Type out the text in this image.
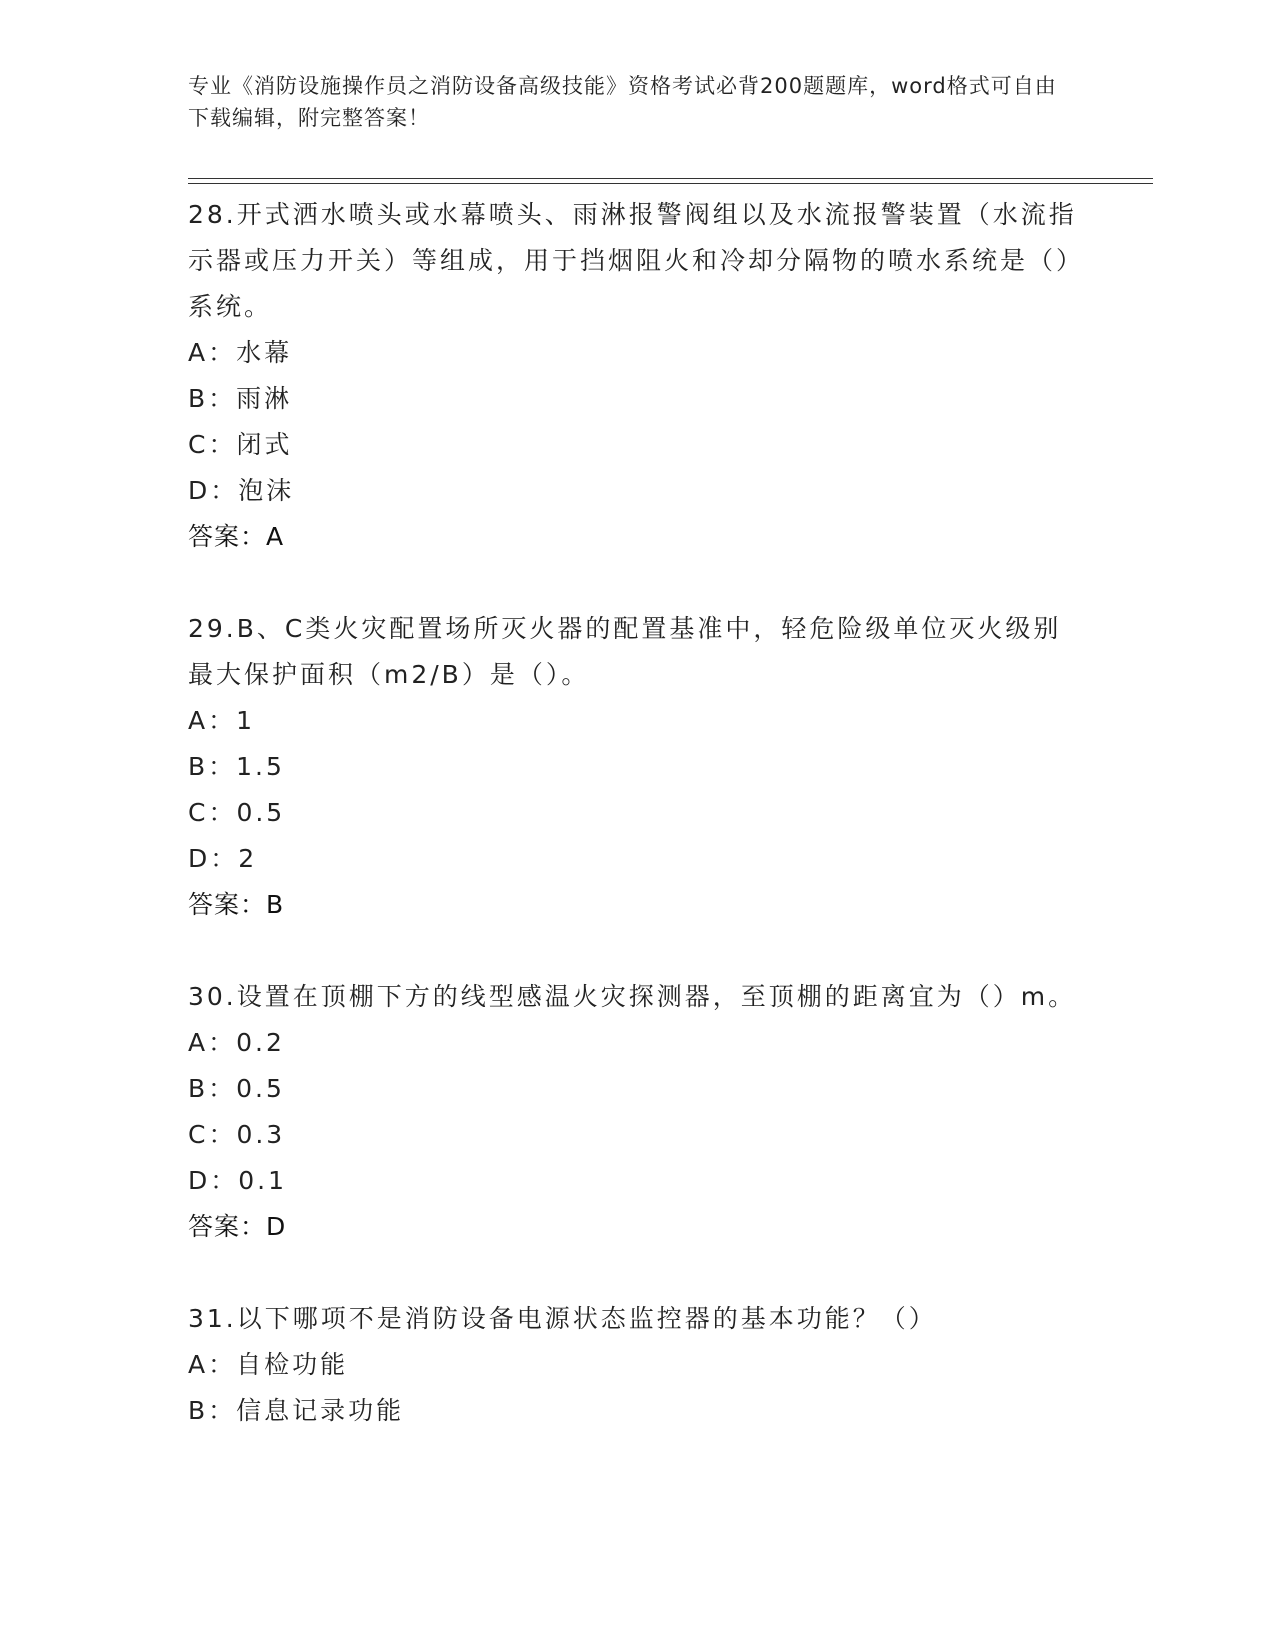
专业《消防设施操作员之消防设备高级技能》资格考试必背200题题库，word格式可自由下载编辑，附完整答案！
28.开式洒水喷头或水幕喷头、雨淋报警阀组以及水流报警装置（水流指示器或压力开关）等组成，用于挡烟阻火和冷却分隔物的喷水系统是（）系统。
A：水幕
B：雨淋
C：闭式
D：泡沫
答案：A
29.B、C类火灾配置场所灭火器的配置基准中，轻危险级单位灭火级别最大保护面积（m2/B）是（）。
A：1
B：1.5
C：0.5
D：2
答案：B
30.设置在顶棚下方的线型感温火灾探测器，至顶棚的距离宜为（）m。
A：0.2
B：0.5
C：0.3
D：0.1
答案：D
31.以下哪项不是消防设备电源状态监控器的基本功能？（）
A：自检功能
B：信息记录功能
